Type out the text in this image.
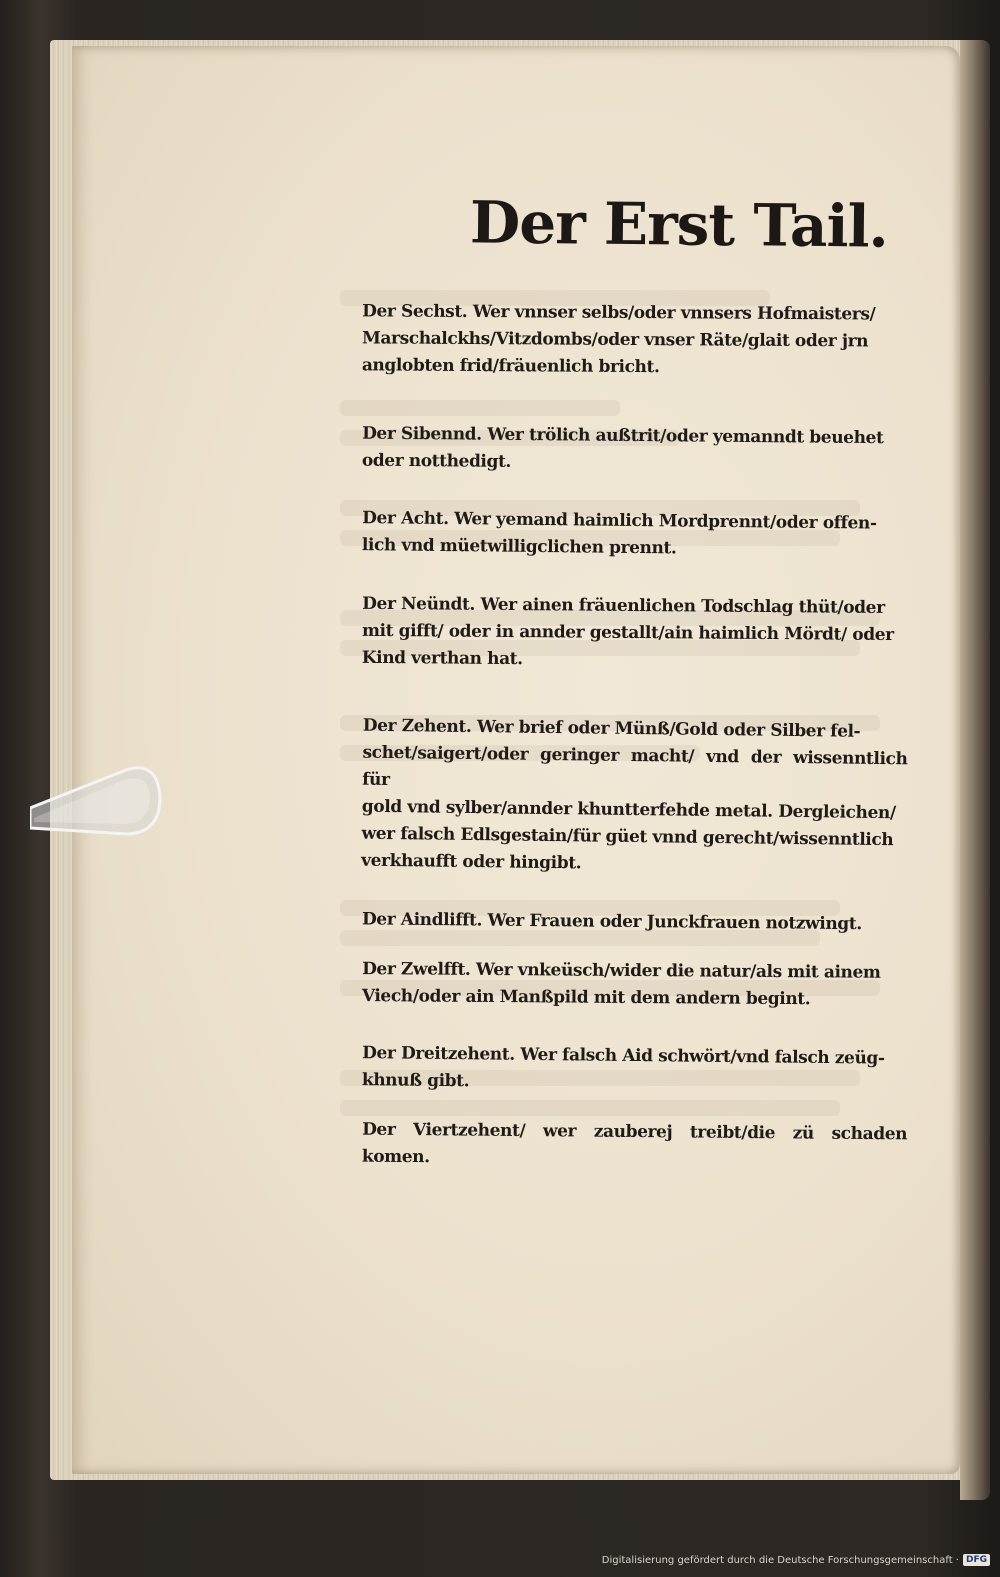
Der Erst Tail.

Der Sechst. Wer vnnser selbs/oder vnnsers Hofmaisters/
Marschalckhs/Vitzdombs/oder vnser Räte/glait oder jrn
anglobten frid/fräuenlich bricht.

Der Sibennd. Wer trölich außtrit/oder yemanndt beuehet
oder notthedigt.

Der Acht. Wer yemand haimlich Mordprennt/oder offen-
lich vnd müetwilligclichen prennt.

Der Neündt. Wer ainen fräuenlichen Todschlag thüt/oder
mit gifft/ oder in annder gestallt/ain haimlich Mördt/ oder
Kind verthan hat.

Der Zehent. Wer brief oder Münß/Gold oder Silber fel-
schet/saigert/oder geringer macht/ vnd der wissenntlich für
gold vnd sylber/annder khuntterfehde metal. Dergleichen/
wer falsch Edlsgestain/für güet vnnd gerecht/wissenntlich
verkhaufft oder hingibt.

Der Aindlifft. Wer Frauen oder Junckfrauen notzwingt.

Der Zwelfft. Wer vnkeüsch/wider die natur/als mit ainem
Viech/oder ain Manßpild mit dem andern begint.

Der Dreitzehent. Wer falsch Aid schwört/vnd falsch zeüg-
khnuß gibt.

Der Viertzehent/ wer zauberej treibt/die zü schaden komen.

Digitalisierung gefördert durch die Deutsche Forschungsgemeinschaft · DFG
